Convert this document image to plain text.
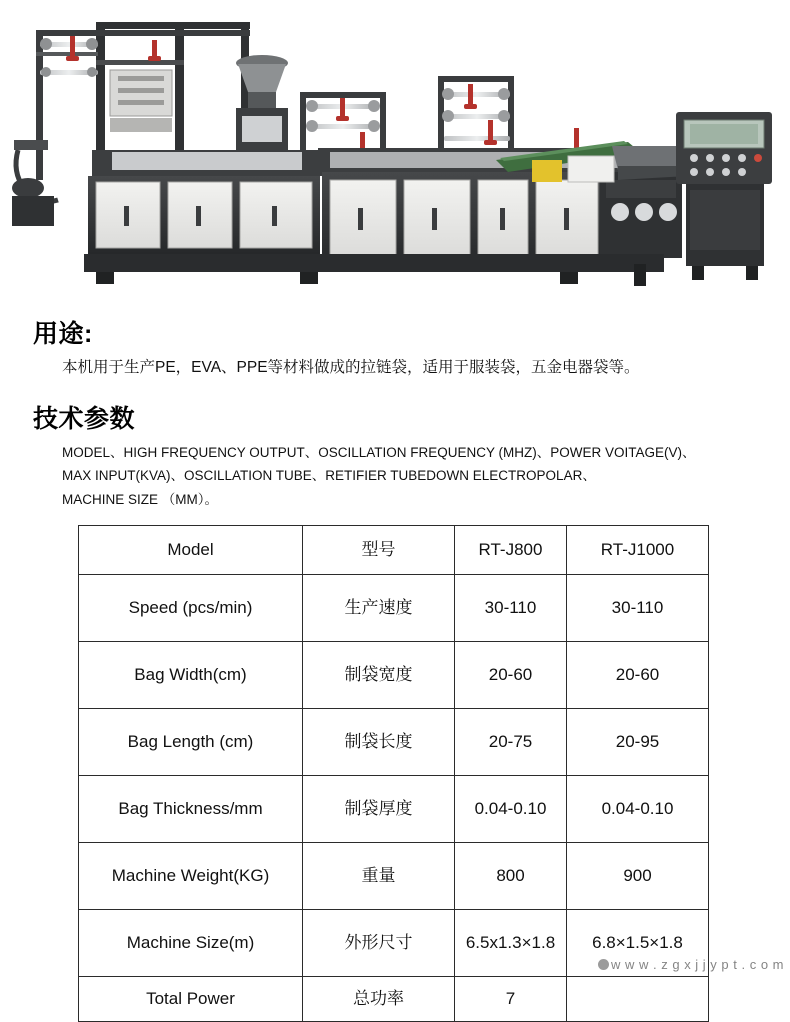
用途:

本机用于生产PE，EVA、PPE等材料做成的拉链袋，适用于服装袋，五金电器袋等。

技术参数
MODEL、HIGH FREQUENCY OUTPUT、OSCILLATION FREQUENCY (MHZ)、POWER VOITAGE(V)、
MAX INPUT(KVA)、OSCILLATION TUBE、RETIFIER TUBEDOWN ELECTROPOLAR、
MACHINE SIZE （MM）。
Model	型号	RT-J800	RT-J1000
Speed (pcs/min)	生产速度	30-110	30-110
Bag Width(cm)	制袋宽度	20-60	20-60
Bag Length (cm)	制袋长度	20-75	20-95
Bag Thickness/mm	制袋厚度	0.04-0.10	0.04-0.10
Machine Weight(KG)	重量	800	900
Machine Size(m)	外形尺寸	6.5x1.3×1.8	6.8×1.5×1.8
Total Power	总功率	7	
w w w . z g x j j y p t . c o m
